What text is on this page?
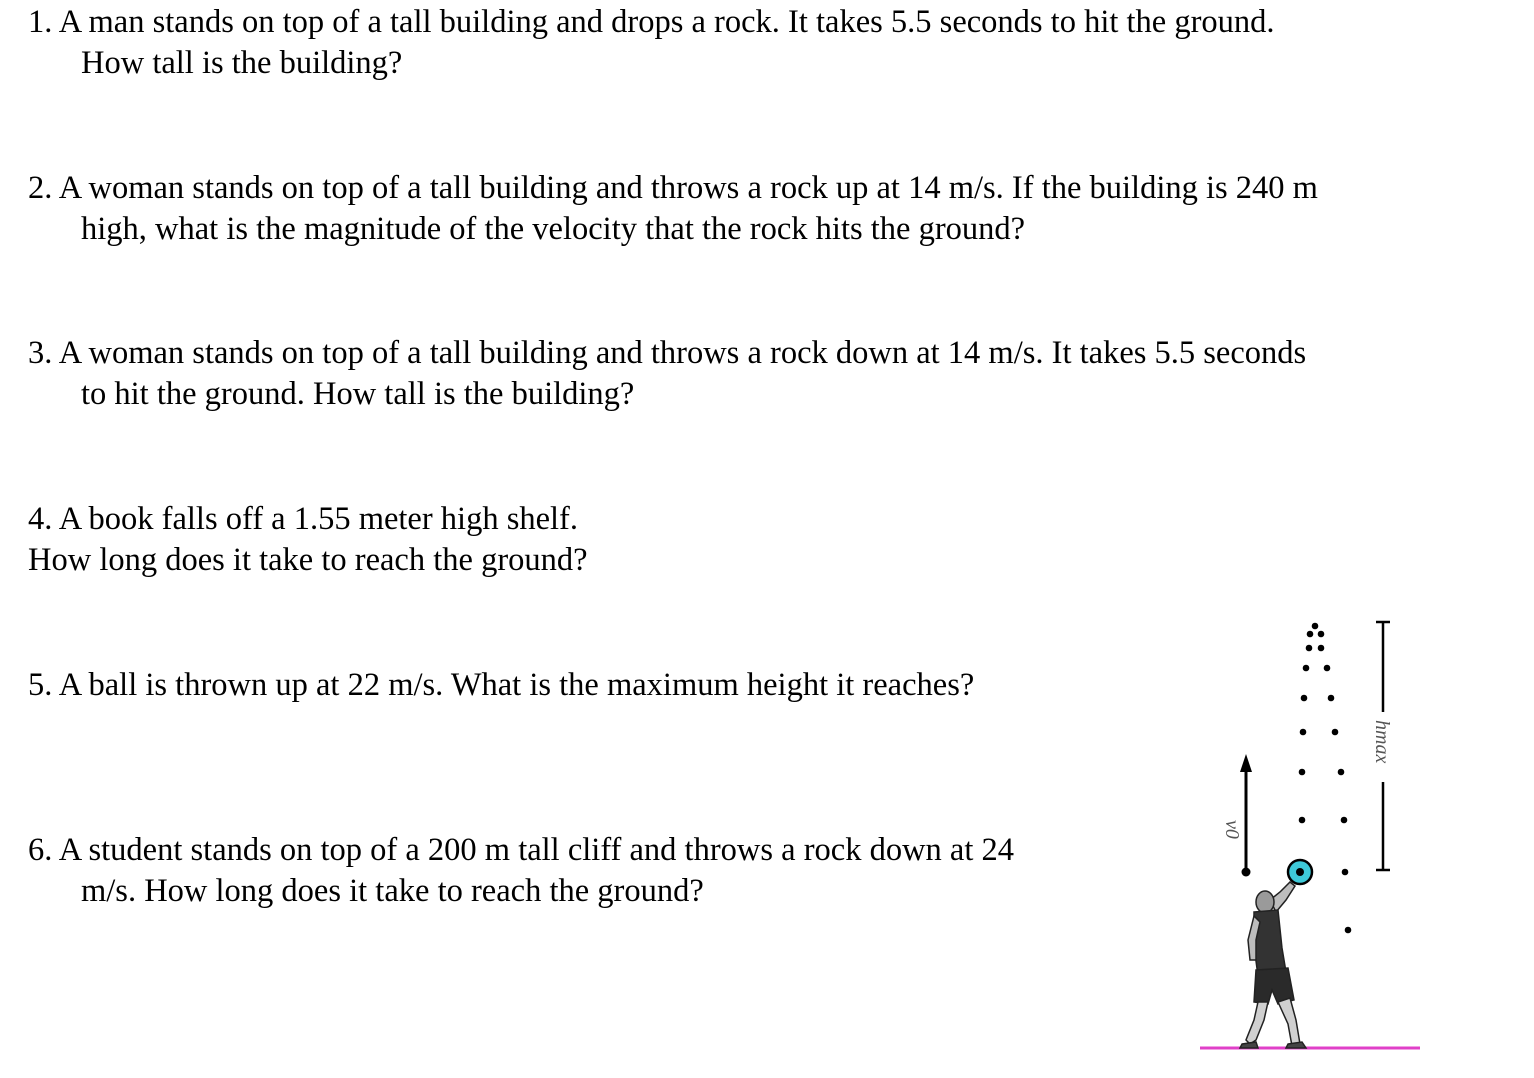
1. A man stands on top of a tall building and drops a rock. It takes 5.5 seconds to hit the ground.
How tall is the building?
2. A woman stands on top of a tall building and throws a rock up at 14 m/s. If the building is 240 m
high, what is the magnitude of the velocity that the rock hits the ground?
3. A woman stands on top of a tall building and throws a rock down at 14 m/s. It takes 5.5 seconds
to hit the ground. How tall is the building?
4. A book falls off a 1.55 meter high shelf.
How long does it take to reach the ground?
5. A ball is thrown up at 22 m/s. What is the maximum height it reaches?
6. A student stands on top of a 200 m tall cliff and throws a rock down at 24
m/s. How long does it take to reach the ground?
v0
hmax
